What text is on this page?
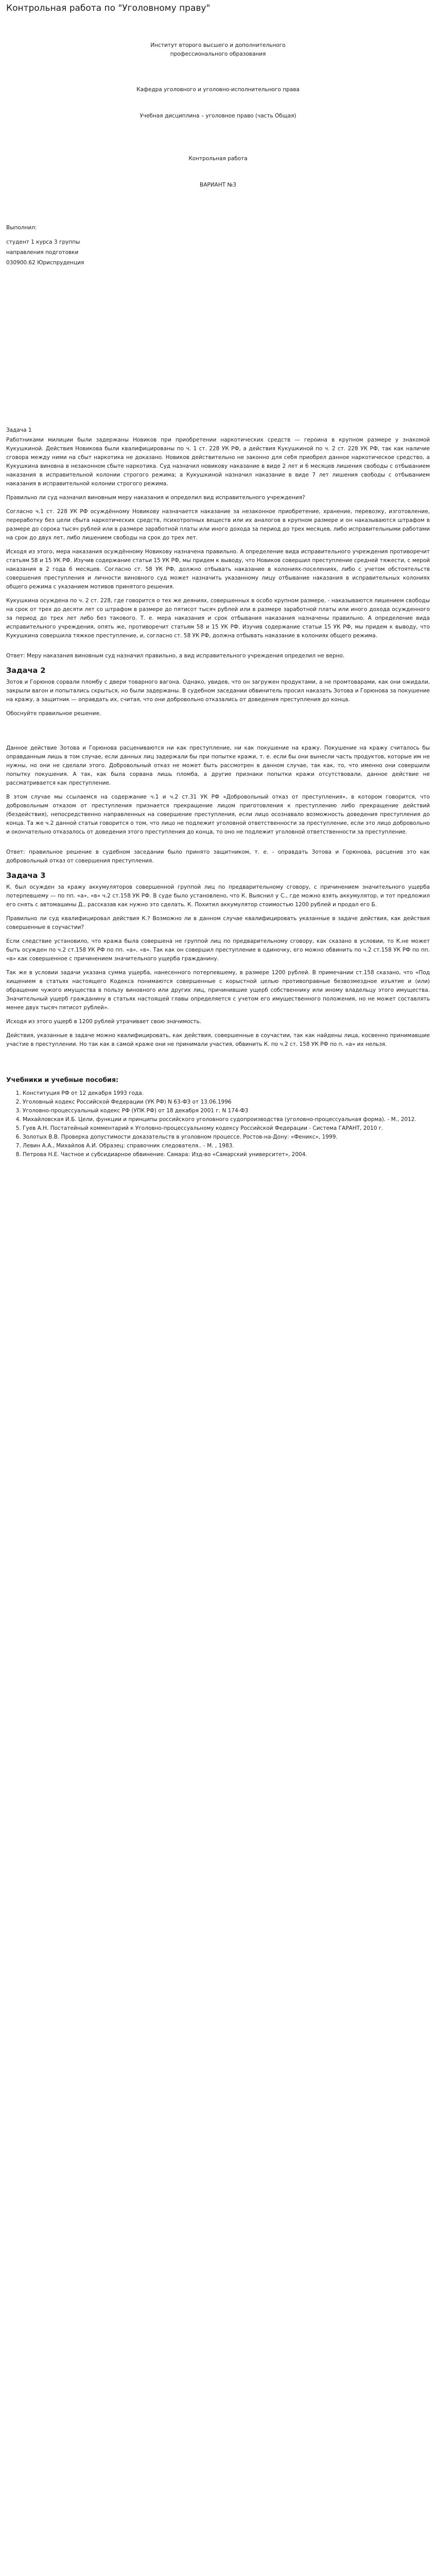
Контрольная работа по "Уголовному праву"

Институт второго высшего и дополнительного

профессионального образования

Кафедра уголовного и уголовно-исполнительного права

Учебная дисциплина – уголовное право (часть Общая)

Контрольная работа

ВАРИАНТ №3

Выполнил:

студент 1 курса 3 группы

направления подготовки

030900.62 Юриспруденция

Задача 1

Работниками милиции были задержаны Новиков при приобретении наркотических средств — героина в крупном размере у знакомой Кукушкиной. Действия Новикова были квалифицированы по ч. 1 ст. 228 УК РФ, а действия Кукушкиной по ч. 2 ст. 228 УК РФ, так как наличие сговора между ними на сбыт наркотика не доказано. Новиков действительно не законно для себя приобрел данное наркотическое средство, а Кукушкина виновна в незаконном сбыте наркотика. Суд назначил новикову наказание в виде 2 лет и 6 месяцев лишения свободы с отбыванием наказания в исправительной колонии строгого режима; а Кукушкиной назначил наказание в виде 7 лет лишения свободы с отбыванием наказания в исправительной колонии строгого режима.

Правильно ли суд назначил виновным меру наказания и определил вид исправительного учреждения?

Согласно ч.1 ст. 228 УК РФ осуждённому Новикову назначается наказание за незаконное приобретение, хранение, перевозку, изготовление, переработку без цели сбыта наркотических средств, психотропных веществ или их аналогов в крупном размере и он наказываются штрафом в размере до сорока тысяч рублей или в размере заработной платы или иного дохода за период до трех месяцев, либо исправительными работами на срок до двух лет, либо лишением свободы на срок до трех лет.

Исходя из этого, мера наказания осуждённому Новикову назначена правильно. А определение вида исправительного учреждения противоречит статьям 58 и 15 УК РФ. Изучив содержание статьи 15 УК РФ, мы придем к выводу, что Новиков совершил преступление средней тяжести, с мерой наказания в 2 года 6 месяцев. Согласно ст. 58 УК РФ, должно отбывать наказание в колониях-поселениях, либо с учетом обстоятельств совершения преступления и личности виновного суд может назначить указанному лицу отбывание наказания в исправительных колониях общего режима с указанием мотивов принятого решения.

Кукушкина осуждена по ч. 2 ст. 228, где говорится о тех же деяниях, совершенных в особо крупном размере, - наказываются лишением свободы на срок от трех до десяти лет со штрафом в размере до пятисот тысяч рублей или в размере заработной платы или иного дохода осужденного за период до трех лет либо без такового. Т. е. мера наказания и срок отбывания наказания назначены правильно. А определение вида исправительного учреждения, опять же, противоречит статьям 58 и 15 УК РФ. Изучив содержание статьи 15 УК РФ, мы придем к выводу, что Кукушкина совершила тяжкое преступление, и, согласно ст. 58 УК РФ, должна отбывать наказание в колониях общего режима.

Ответ: Меру наказания виновным суд назначил правильно, а вид исправительного учреждения определил не верно.

Задача 2

Зотов и Горюнов сорвали пломбу с двери товарного вагона. Однако, увидев, что он загружен продуктами, а не промтоварами, как они ожидали, закрыли вагон и попытались скрыться, но были задержаны. В судебном заседании обвинитель просил наказать Зотова и Горюнова за покушение на кражу, а защитник — оправдать их, считая, что они добровольно отказались от доведения преступления до конца.

Обоснуйте правильное решение.

Данное действие Зотова и Горюнова расцениваются ни как преступление, ни как покушение на кражу. Покушение на кражу считалось бы оправданным лишь в том случае, если данных лиц задержали бы при попытке кражи, т. е. если бы они вынесли часть продуктов, которые им не нужны, но они не сделали этого. Добровольный отказ не может быть рассмотрен в данном случае, так как, то, что именно они совершили попытку покушения. А так, как была сорвана лишь пломба, а другие признаки попытки кражи отсутствовали, данное действие не рассматривается как преступление.

В этом случае мы ссылаемся на содержание ч.1 и ч.2 ст.31 УК РФ «Добровольный отказ от преступления», в котором говорится, что добровольным отказом от преступления признается прекращение лицом приготовления к преступлению либо прекращение действий (бездействия), непосредственно направленных на совершение преступления, если лицо осознавало возможность доведения преступления до конца. Та же ч.2 данной статьи говорится о том, что лицо не подлежит уголовной ответственности за преступление, если это лицо добровольно и окончательно отказалось от доведения этого преступления до конца, то оно не подлежит уголовной ответственности за преступление.

Ответ: правильное решение в судебном заседании было принято защитником, т. е. - оправдать Зотова и Горюнова, расценив это как добровольный отказ от совершения преступления.

Задача 3

К. был осужден за кражу аккумуляторов совершенной группой лиц по предварительному сговору, с причинением значительного ущерба потерпевшему — по пп. «а», «в» ч.2 ст.158 УК РФ. В суде было установлено, что К. Выяснил у С., где можно взять аккумулятор, и тот предложил его снять с автомашины Д., рассказав как нужно это сделать. К. Похитил аккумулятор стоимостью 1200 рублей и продал его Б.

Правильно ли суд квалифицировал действия К.? Возможно ли в данном случае квалифицировать указанные в задаче действия, как действия совершенные в соучастии?

Если следствие установило, что кража была совершена не группой лиц по предварительному сговору, как сказано в условии, то К.не может быть осужден по ч.2 ст.158 УК РФ по пп. «а», «в». Так как он совершил преступление в одиночку, его можно обвинить по ч.2 ст.158 УК РФ по пп. «в» как совершенное с причинением значительного ущерба гражданину.

Так же в условии задачи указана сумма ущерба, нанесенного потерпевшему, в размере 1200 рублей. В примечании ст.158 сказано, что «Под хищением в статьях настоящего Кодекса понимаются совершенные с корыстной целью противоправные безвозмездное изъятие и (или) обращение чужого имущества в пользу виновного или других лиц, причинившие ущерб собственнику или иному владельцу этого имущества. Значительный ущерб гражданину в статьях настоящей главы определяется с учетом его имущественного положения, но не может составлять менее двух тысяч пятисот рублей».

Исходя из этого ущерб в 1200 рублей утрачивает свою значимость.

Действия, указанные в задаче можно квалифицировать, как действия, совершенные в соучастии, так как найдены лица, косвенно принимавшие участие в преступлении. Но так как в самой краже они не принимали участия, обвинить К. по ч.2 ст. 158 УК РФ по п. «а» их нельзя.

Учебники и учебные пособия:
1. Конституция РФ от 12 декабря 1993 года.
2. Уголовный кодекс Российской Федерации (УК РФ) N 63-ФЗ от 13.06.1996
3. Уголовно-процессуальный кодекс РФ (УПК РФ) от 18 декабря 2001 г. N 174-ФЗ
4. Михайловская И.Б. Цели, функции и принципы российского уголовного судопроизводства (уголовно-процессуальная форма). - М., 2012.
5. Гуев А.Н. Постатейный комментарий к Уголовно-процессуальному кодексу Российской Федерации - Система ГАРАНТ, 2010 г.
6. Золотых В.В. Проверка допустимости доказательств в уголовном процессе. Ростов-на-Дону: «Феникс», 1999.
7. Левин А.А., Михайлов А.И. Образец: справочник следователя.. - М. , 1983.
8. Петрова Н.Е. Частное и субсидиарное обвинение. Самара: Изд-во «Самарский университет», 2004.
